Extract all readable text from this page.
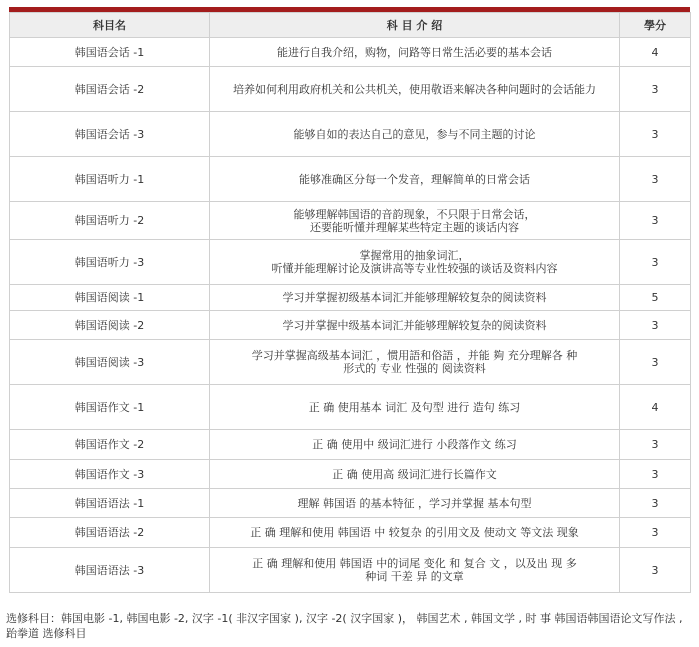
科目名	科 目 介 绍	學分
韩国语会话 -1	能进行自我介绍，购物，问路等日常生活必要的基本会话	4
韩国语会话 -2	培养如何利用政府机关和公共机关，使用敬语来解决各种问题时的会话能力	3
韩国语会话 -3	能够自如的表达自己的意见，参与不同主题的讨论	3
韩国语听力 -1	能够准确区分每一个发音，理解简单的日常会话	3
韩国语听力 -2	能够理解韩国语的音韵现象，不只限于日常会话，
还要能听懂并理解某些特定主题的谈话内容	3
韩国语听力 -3	掌握常用的抽象词汇，
听懂并能理解讨论及演讲高等专业性较强的谈话及资料内容	3
韩国语阅读 -1	学习并掌握初级基本词汇并能够理解较复杂的阅读资料	5
韩国语阅读 -2	学习并掌握中级基本词汇并能够理解较复杂的阅读资料	3
韩国语阅读 -3	学习并掌握高级基本词汇 ，惯用語和俗語 ，并能 夠 充分理解各 种
形式的 专业 性强的 阅读资料	3
韩国语作文 -1	正 确 使用基本 词汇 及句型 进行 造句 练习	4
韩国语作文 -2	正 确 使用中 级词汇进行 小段落作文 练习	3
韩国语作文 -3	正 确 使用高 级词汇进行长篇作文	3
韩国语语法 -1	理解 韩国语 的基本特征 ，学习并掌握 基本句型	3
韩国语语法 -2	正 确 理解和使用 韩国语 中 较复杂 的引用文及 使动文 等文法 现象	3
韩国语语法 -3	正 确 理解和使用 韩国语 中的词尾 变化 和 复合 文 ，以及出 现 多
种词 干差 异 的文章	3
选修科目：韩国电影 -1, 韩国电影 -2, 汉字 -1( 非汉字国家 ), 汉字 -2( 汉字国家 )， 韩国艺术 , 韩国文学 , 时 事 韩国语韩国语论文写作法 , 跆拳道 选修科目
